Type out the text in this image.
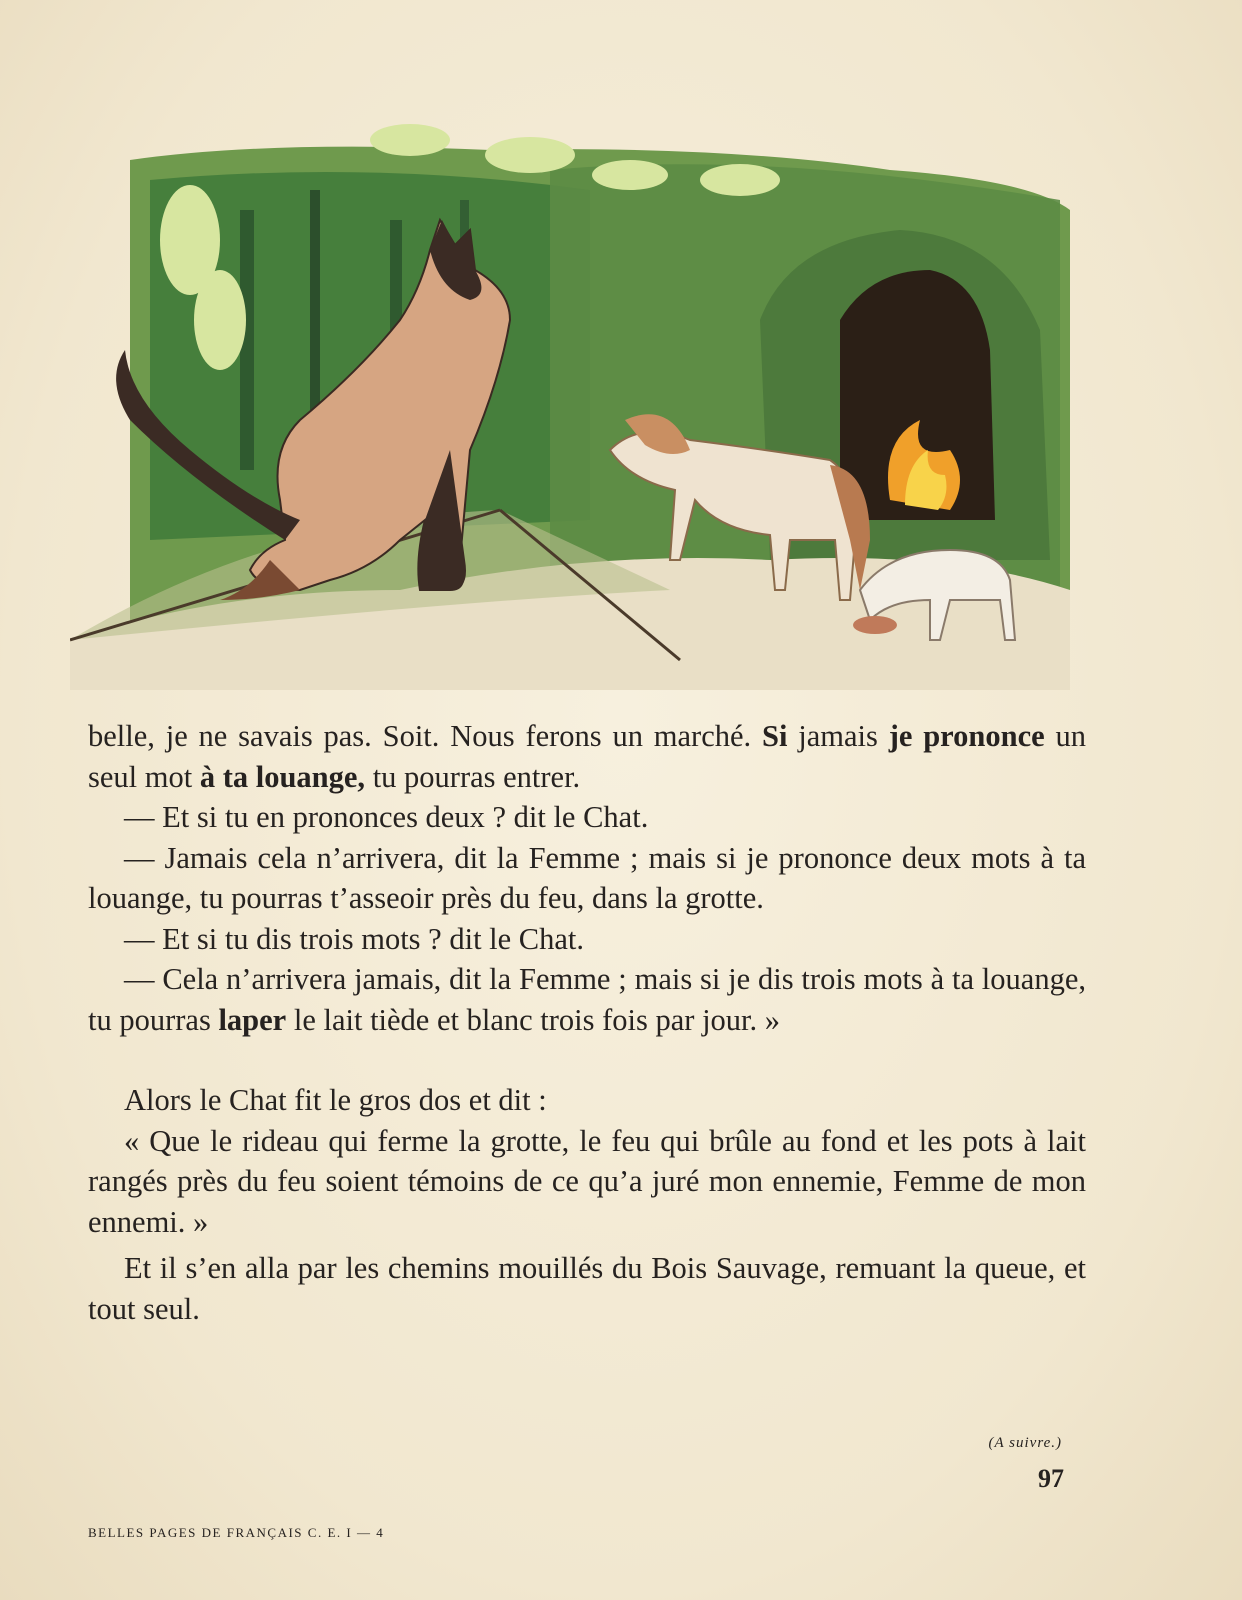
belle, je ne savais pas. Soit. Nous ferons un marché. Si jamais je prononce un seul mot à ta louange, tu pourras entrer.

— Et si tu en prononces deux ? dit le Chat.

— Jamais cela n’arrivera, dit la Femme ; mais si je prononce deux mots à ta louange, tu pourras t’asseoir près du feu, dans la grotte.

— Et si tu dis trois mots ? dit le Chat.

— Cela n’arrivera jamais, dit la Femme ; mais si je dis trois mots à ta louange, tu pourras laper le lait tiède et blanc trois fois par jour. »

Alors le Chat fit le gros dos et dit :

« Que le rideau qui ferme la grotte, le feu qui brûle au fond et les pots à lait rangés près du feu soient témoins de ce qu’a juré mon ennemie, Femme de mon ennemi. »

Et il s’en alla par les chemins mouillés du Bois Sauvage, remuant la queue, et tout seul.

(A suivre.)
97
BELLES PAGES DE FRANÇAIS C. E. I — 4
